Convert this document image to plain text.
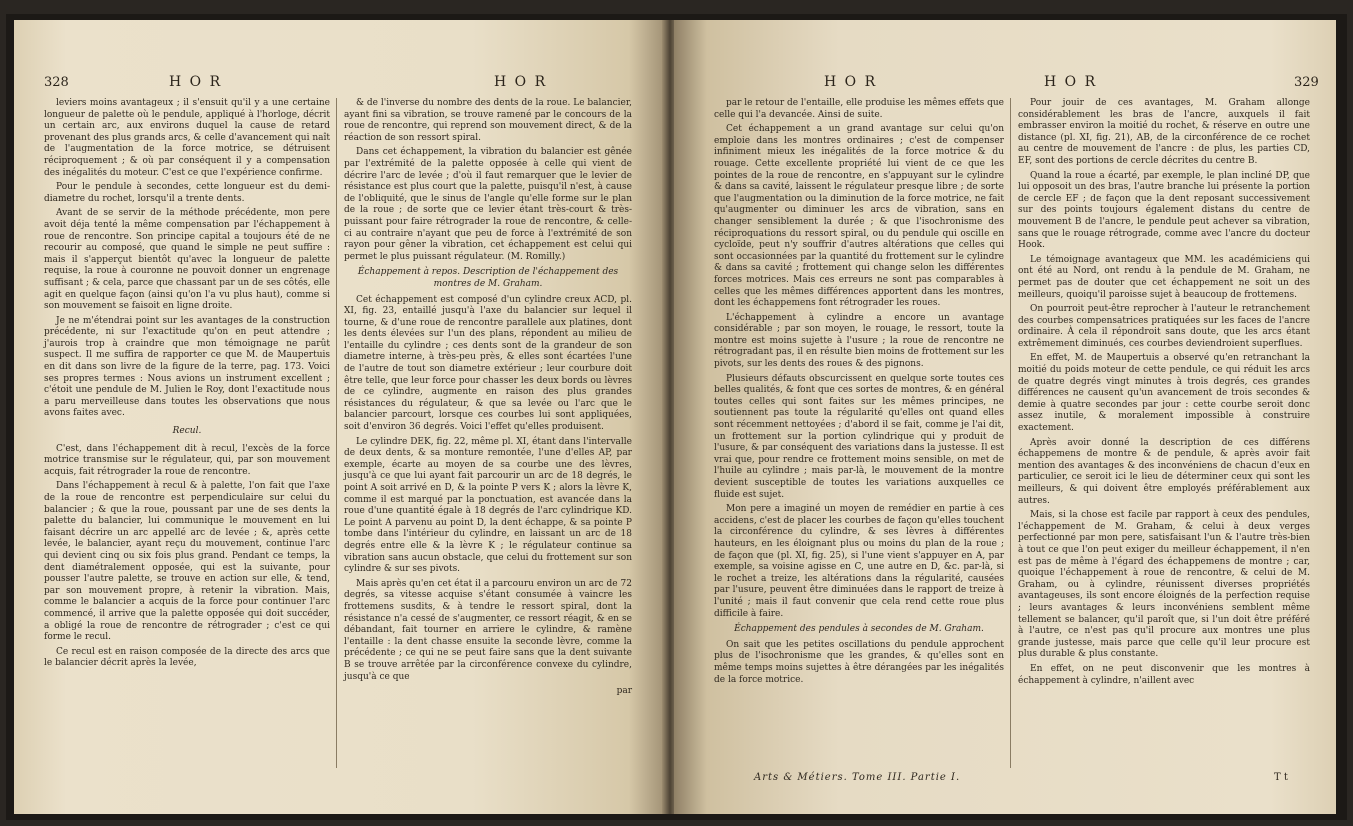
328	H O R	H O R

leviers moins avantageux ; il s'ensuit qu'il y a une certaine longueur de palette où le pendule, appliqué à l'horloge, décrit un certain arc, aux environs duquel la cause de retard provenant des plus grands arcs, & celle d'avancement qui naît de l'augmentation de la force motrice, se détruisent réciproquement ; & où par conséquent il y a compensation des inégalités du moteur. C'est ce que l'expérience confirme.

Pour le pendule à secondes, cette longueur est du demi-diametre du rochet, lorsqu'il a trente dents.

Avant de se servir de la méthode précédente, mon pere avoit déja tenté la même compensation par l'échappement à roue de rencontre. Son principe capital a toujours été de ne recourir au composé, que quand le simple ne peut suffire : mais il s'apperçut bientôt qu'avec la longueur de palette requise, la roue à couronne ne pouvoit donner un engrenage suffisant ; & cela, parce que chassant par un de ses côtés, elle agit en quelque façon (ainsi qu'on l'a vu plus haut), comme si son mouvement se faisoit en ligne droite.

Je ne m'étendrai point sur les avantages de la construction précédente, ni sur l'exactitude qu'on en peut attendre ; j'aurois trop à craindre que mon témoignage ne parût suspect. Il me suffira de rapporter ce que M. de Maupertuis en dit dans son livre de la figure de la terre, pag. 173. Voici ses propres termes : Nous avions un instrument excellent ; c'étoit une pendule de M. Julien le Roy, dont l'exactitude nous a paru merveilleuse dans toutes les observations que nous avons faites avec.

Recul.

C'est, dans l'échappement dit à recul, l'excès de la force motrice transmise sur le régulateur, qui, par son mouvement acquis, fait rétrograder la roue de rencontre.

Dans l'échappement à recul & à palette, l'on fait que l'axe de la roue de rencontre est perpendiculaire sur celui du balancier ; & que la roue, poussant par une de ses dents la palette du balancier, lui communique le mouvement en lui faisant décrire un arc appellé arc de levée ; &, après cette levée, le balancier, ayant reçu du mouvement, continue l'arc qui devient cinq ou six fois plus grand. Pendant ce temps, la dent diamétralement opposée, qui est la suivante, pour pousser l'autre palette, se trouve en action sur elle, & tend, par son mouvement propre, à retenir la vibration. Mais, comme le balancier a acquis de la force pour continuer l'arc commencé, il arrive que la palette opposée qui doit succéder, a obligé la roue de rencontre de rétrograder ; c'est ce qui forme le recul.

Ce recul est en raison composée de la directe des arcs que le balancier décrit après la levée,

& de l'inverse du nombre des dents de la roue. Le balancier, ayant fini sa vibration, se trouve ramené par le concours de la roue de rencontre, qui reprend son mouvement direct, & de la réaction de son ressort spiral.

Dans cet échappement, la vibration du balancier est gênée par l'extrémité de la palette opposée à celle qui vient de décrire l'arc de levée ; d'où il faut remarquer que le levier de résistance est plus court que la palette, puisqu'il n'est, à cause de l'obliquité, que le sinus de l'angle qu'elle forme sur le plan de la roue ; de sorte que ce levier étant très-court & très-puissant pour faire rétrograder la roue de rencontre, & celle-ci au contraire n'ayant que peu de force à l'extrémité de son rayon pour gêner la vibration, cet échappement est celui qui permet le plus puissant régulateur. (M. Romilly.)

Échappement à repos. Description de l'échappement des montres de M. Graham.

Cet échappement est composé d'un cylindre creux ACD, pl. XI, fig. 23, entaillé jusqu'à l'axe du balancier sur lequel il tourne, & d'une roue de rencontre parallele aux platines, dont les dents élevées sur l'un des plans, répondent au milieu de l'entaille du cylindre ; ces dents sont de la grandeur de son diametre interne, à très-peu près, & elles sont écartées l'une de l'autre de tout son diametre extérieur ; leur courbure doit être telle, que leur force pour chasser les deux bords ou lèvres de ce cylindre, augmente en raison des plus grandes résistances du régulateur, & que sa levée ou l'arc que le balancier parcourt, lorsque ces courbes lui sont appliquées, soit d'environ 36 degrés. Voici l'effet qu'elles produisent.

Le cylindre DEK, fig. 22, même pl. XI, étant dans l'intervalle de deux dents, & sa monture remontée, l'une d'elles AP, par exemple, écarte au moyen de sa courbe une des lèvres, jusqu'à ce que lui ayant fait parcourir un arc de 18 degrés, le point A soit arrivé en D, & la pointe P vers K ; alors la lèvre K, comme il est marqué par la ponctuation, est avancée dans la roue d'une quantité égale à 18 degrés de l'arc cylindrique KD. Le point A parvenu au point D, la dent échappe, & sa pointe P tombe dans l'intérieur du cylindre, en laissant un arc de 18 degrés entre elle & la lèvre K ; le régulateur continue sa vibration sans aucun obstacle, que celui du frottement sur son cylindre & sur ses pivots.

Mais après qu'en cet état il a parcouru environ un arc de 72 degrés, sa vitesse acquise s'étant consumée à vaincre les frottemens susdits, & à tendre le ressort spiral, dont la résistance n'a cessé de s'augmenter, ce ressort réagit, & en se débandant, fait tourner en arriere le cylindre, & ramène l'entaille : la dent chasse ensuite la seconde lèvre, comme la précédente ; ce qui ne se peut faire sans que la dent suivante B se trouve arrêtée par la circonférence convexe du cylindre, jusqu'à ce que

par

H O R	H O R	329

par le retour de l'entaille, elle produise les mêmes effets que celle qui l'a devancée. Ainsi de suite.

Cet échappement a un grand avantage sur celui qu'on emploie dans les montres ordinaires ; c'est de compenser infiniment mieux les inégalités de la force motrice & du rouage. Cette excellente propriété lui vient de ce que les pointes de la roue de rencontre, en s'appuyant sur le cylindre & dans sa cavité, laissent le régulateur presque libre ; de sorte que l'augmentation ou la diminution de la force motrice, ne fait qu'augmenter ou diminuer les arcs de vibration, sans en changer sensiblement la durée ; & que l'isochronisme des réciproquations du ressort spiral, ou du pendule qui oscille en cycloïde, peut n'y souffrir d'autres altérations que celles qui sont occasionnées par la quantité du frottement sur le cylindre & dans sa cavité ; frottement qui change selon les différentes forces motrices. Mais ces erreurs ne sont pas comparables à celles que les mêmes différences apportent dans les montres, dont les échappemens font rétrograder les roues.

L'échappement à cylindre a encore un avantage considérable ; par son moyen, le rouage, le ressort, toute la montre est moins sujette à l'usure ; la roue de rencontre ne rétrogradant pas, il en résulte bien moins de frottement sur les pivots, sur les dents des roues & des pignons.

Plusieurs défauts obscurcissent en quelque sorte toutes ces belles qualités, & font que ces sortes de montres, & en général toutes celles qui sont faites sur les mêmes principes, ne soutiennent pas toute la régularité qu'elles ont quand elles sont récemment nettoyées ; d'abord il se fait, comme je l'ai dit, un frottement sur la portion cylindrique qui y produit de l'usure, & par conséquent des variations dans la justesse. Il est vrai que, pour rendre ce frottement moins sensible, on met de l'huile au cylindre ; mais par-là, le mouvement de la montre devient susceptible de toutes les variations auxquelles ce fluide est sujet.

Mon pere a imaginé un moyen de remédier en partie à ces accidens, c'est de placer les courbes de façon qu'elles touchent la circonférence du cylindre, & ses lèvres à différentes hauteurs, en les éloignant plus ou moins du plan de la roue ; de façon que (pl. XI, fig. 25), si l'une vient s'appuyer en A, par exemple, sa voisine agisse en C, une autre en D, &c. par-là, si le rochet a treize, les altérations dans la régularité, causées par l'usure, peuvent être diminuées dans le rapport de treize à l'unité ; mais il faut convenir que cela rend cette roue plus difficile à faire.

Échappement des pendules à secondes de M. Graham.

On sait que les petites oscillations du pendule approchent plus de l'isochronisme que les grandes, & qu'elles sont en même temps moins sujettes à être dérangées par les inégalités de la force motrice.

Pour jouir de ces avantages, M. Graham allonge considérablement les bras de l'ancre, auxquels il fait embrasser environ la moitié du rochet, & réserve en outre une distance (pl. XI, fig. 21), AB, de la circonférence de ce rochet au centre de mouvement de l'ancre : de plus, les parties CD, EF, sont des portions de cercle décrites du centre B.

Quand la roue a écarté, par exemple, le plan incliné DP, que lui opposoit un des bras, l'autre branche lui présente la portion de cercle EF ; de façon que la dent reposant successivement sur des points toujours également distans du centre de mouvement B de l'ancre, le pendule peut achever sa vibration, sans que le rouage rétrograde, comme avec l'ancre du docteur Hook.

Le témoignage avantageux que MM. les académiciens qui ont été au Nord, ont rendu à la pendule de M. Graham, ne permet pas de douter que cet échappement ne soit un des meilleurs, quoiqu'il paroisse sujet à beaucoup de frottemens.

On pourroit peut-être reprocher à l'auteur le retranchement des courbes compensatrices pratiquées sur les faces de l'ancre ordinaire. À cela il répondroit sans doute, que les arcs étant extrêmement diminués, ces courbes deviendroient superflues.

En effet, M. de Maupertuis a observé qu'en retranchant la moitié du poids moteur de cette pendule, ce qui réduit les arcs de quatre degrés vingt minutes à trois degrés, ces grandes différences ne causent qu'un avancement de trois secondes & demie à quatre secondes par jour : cette courbe seroit donc assez inutile, & moralement impossible à construire exactement.

Après avoir donné la description de ces différens échappemens de montre & de pendule, & après avoir fait mention des avantages & des inconvéniens de chacun d'eux en particulier, ce seroit ici le lieu de déterminer ceux qui sont les meilleurs, & qui doivent être employés préférablement aux autres.

Mais, si la chose est facile par rapport à ceux des pendules, l'échappement de M. Graham, & celui à deux verges perfectionné par mon pere, satisfaisant l'un & l'autre très-bien à tout ce que l'on peut exiger du meilleur échappement, il n'en est pas de même à l'égard des échappemens de montre ; car, quoique l'échappement à roue de rencontre, & celui de M. Graham, ou à cylindre, réunissent diverses propriétés avantageuses, ils sont encore éloignés de la perfection requise ; leurs avantages & leurs inconvéniens semblent même tellement se balancer, qu'il paroît que, si l'un doit être préféré à l'autre, ce n'est pas qu'il procure aux montres une plus grande justesse, mais parce que celle qu'il leur procure est plus durable & plus constante.

En effet, on ne peut disconvenir que les montres à échappement à cylindre, n'aillent avec

Arts & Métiers. Tome III. Partie I.	T t
